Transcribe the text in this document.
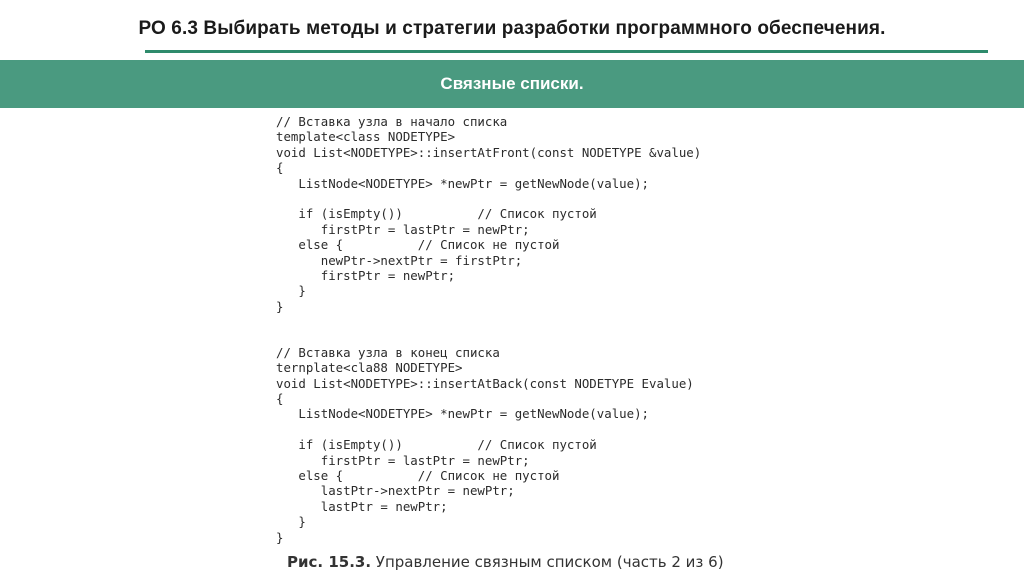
РО 6.3 Выбирать методы и стратегии разработки программного обеспечения.
Связные списки.
// Вставка узла в начало списка
template<class NODETYPE>
void List<NODETYPE>::insertAtFront(const NODETYPE &value)
{
ListNode<NODETYPE> *newPtr = getNewNode(value);

if (isEmpty())          // Список пустой
firstPtr = lastPtr = newPtr;
else {          // Список не пустой
newPtr->nextPtr = firstPtr;
firstPtr = newPtr;
}
}

// Вставка узла в конец списка
ternplate<cla88 NODETYPE>
void List<NODETYPE>::insertAtBack(const NODETYPE Evalue)
{
ListNode<NODETYPE> *newPtr = getNewNode(value);

if (isEmpty())          // Список пустой
firstPtr = lastPtr = newPtr;
else {          // Список не пустой
lastPtr->nextPtr = newPtr;
lastPtr = newPtr;
}
}
Рис. 15.3. Управление связным списком (часть 2 из 6)
